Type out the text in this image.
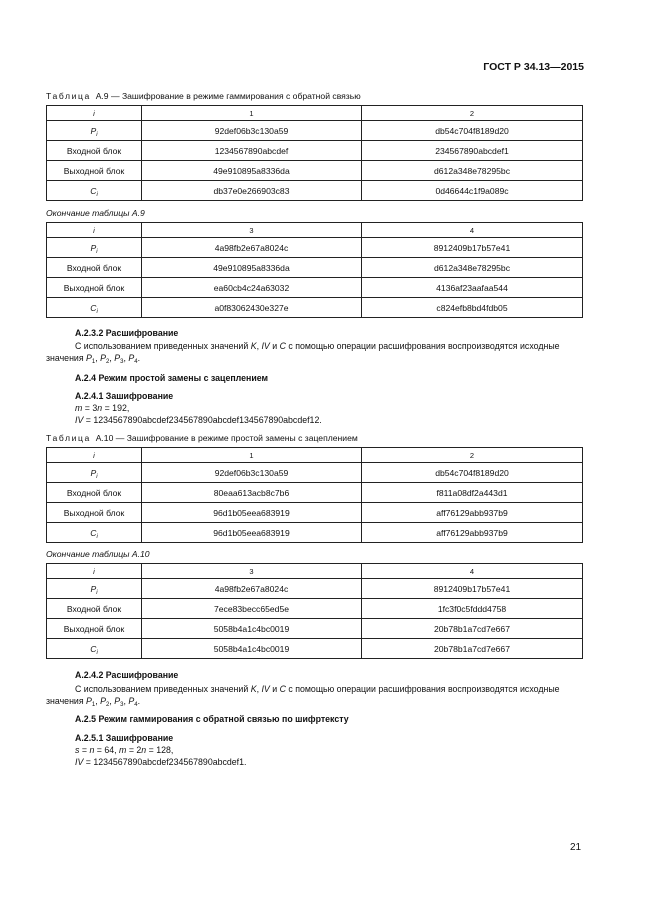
ГОСТ Р 34.13—2015
Таблица А.9 — Зашифрование в режиме гаммирования с обратной связью
i	1	2
$P_i$	92def06b3c130a59	db54c704f8189d20
Входной блок	1234567890abcdef	234567890abcdef1
Выходной блок	49e910895a8336da	d612a348e78295bc
$C_i$	db37e0e266903c83	0d46644c1f9a089c
Окончание таблицы А.9
i	3	4
$P_i$	4a98fb2e67a8024c	8912409b17b57e41
Входной блок	49e910895a8336da	d612a348e78295bc
Выходной блок	ea60cb4c24a63032	4136af23aafaa544
$C_i$	a0f83062430e327e	c824efb8bd4fdb05
А.2.3.2 Расшифрование
С использованием приведенных значений K, IV и C с помощью операции расшифрования воспроизводятся исходные значения $P_1$, $P_2$, $P_3$, $P_4$.
А.2.4 Режим простой замены с зацеплением
А.2.4.1 Зашифрование
m = 3n = 192,
IV = 1234567890abcdef234567890abcdef134567890abcdef12.
Таблица А.10 — Зашифрование в режиме простой замены с зацеплением
i	1	2
$P_i$	92def06b3c130a59	db54c704f8189d20
Входной блок	80eaa613acb8c7b6	f811a08df2a443d1
Выходной блок	96d1b05eea683919	aff76129abb937b9
$C_i$	96d1b05eea683919	aff76129abb937b9
Окончание таблицы А.10
i	3	4
$P_i$	4a98fb2e67a8024c	8912409b17b57e41
Входной блок	7ece83becc65ed5e	1fc3f0c5fddd4758
Выходной блок	5058b4a1c4bc0019	20b78b1a7cd7e667
$C_i$	5058b4a1c4bc0019	20b78b1a7cd7e667
А.2.4.2 Расшифрование
С использованием приведенных значений K, IV и C с помощью операции расшифрования воспроизводятся исходные значения $P_1$, $P_2$, $P_3$, $P_4$.
А.2.5 Режим гаммирования с обратной связью по шифртексту
А.2.5.1 Зашифрование
s = n = 64, m = 2n = 128,
IV = 1234567890abcdef234567890abcdef1.
21
